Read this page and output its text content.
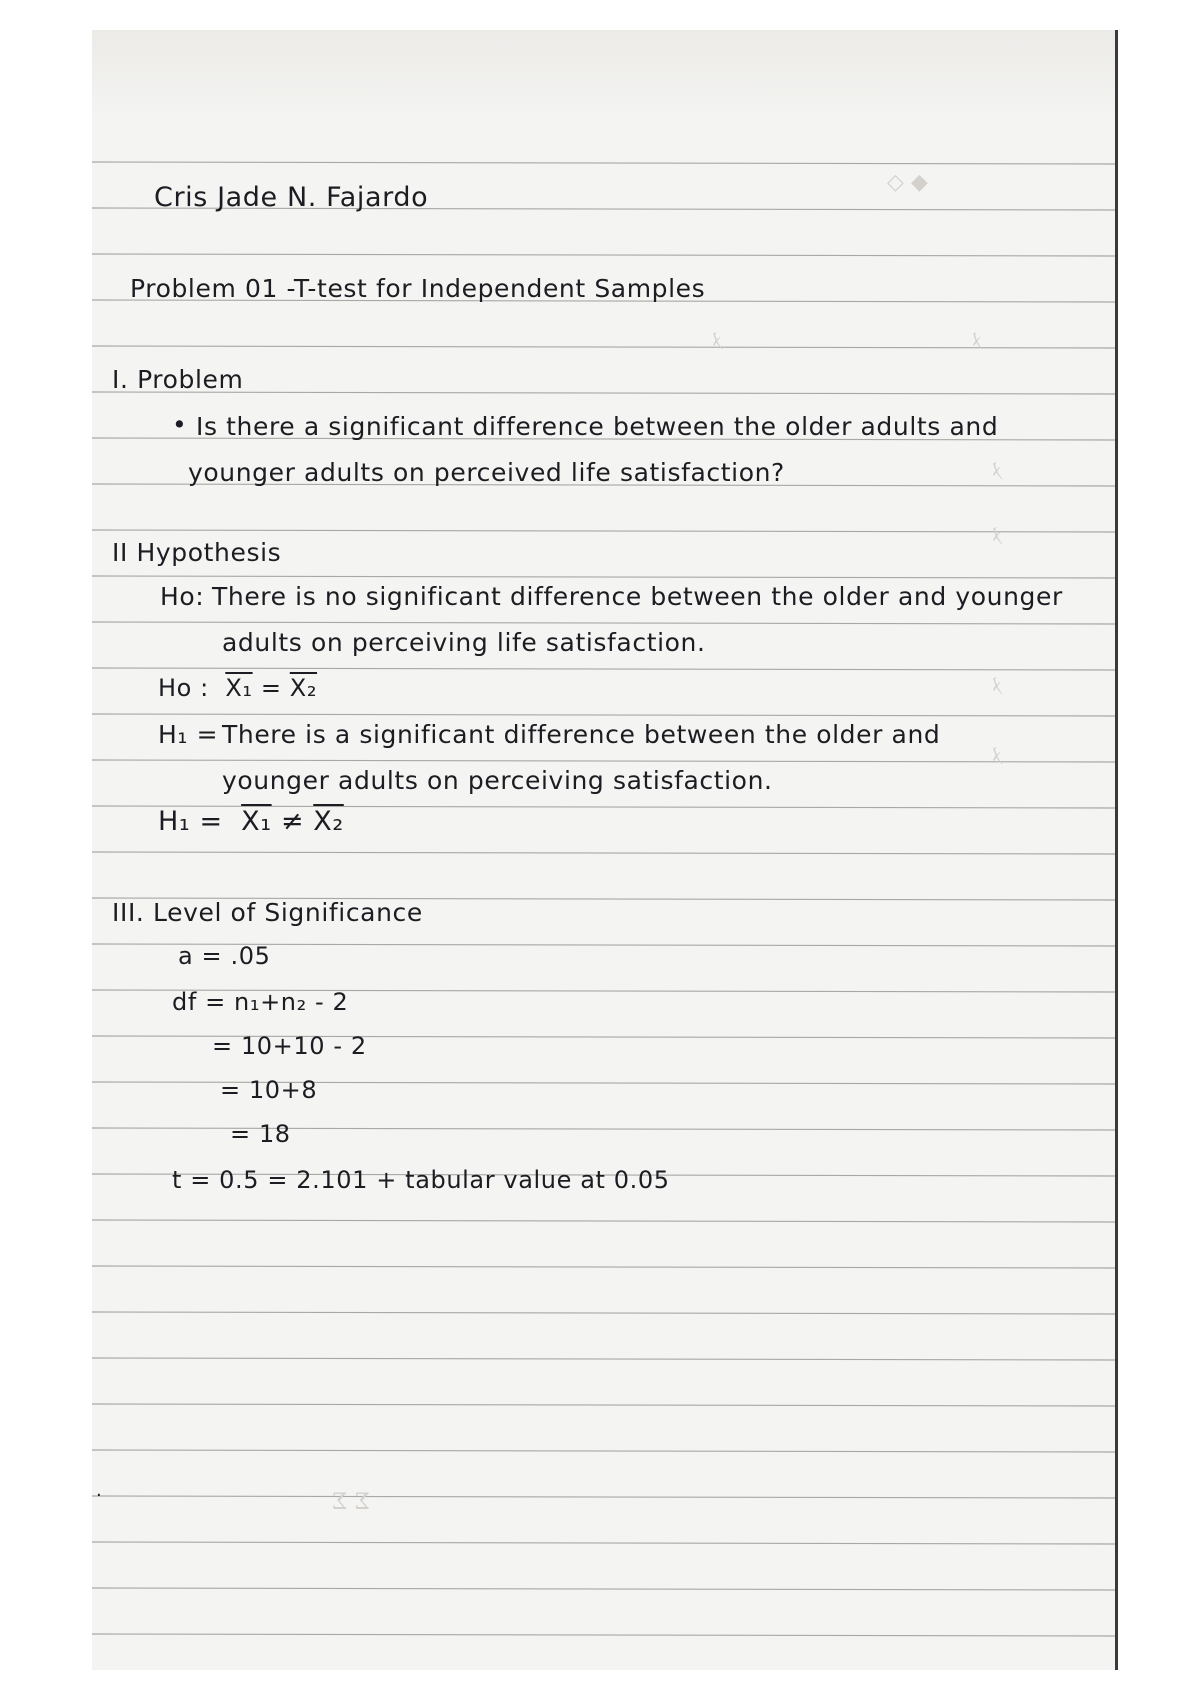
◆ ◇
ﾒ	ﾒ
ﾒ
ﾒ
ﾒ
ﾒ
Σ Σ
Cris Jade N. Fajardo
Problem 01 -T-test for Independent Samples
I. Problem
• Is there a significant difference between the older adults and
younger adults on perceived life satisfaction?
II Hypothesis
Ho: There is no significant difference between the older and younger
adults on perceiving life satisfaction.
Ho : X₁ = X₂
H₁ = There is a significant difference between the older and
younger adults on perceiving satisfaction.
H₁ = X₁ ≠ X₂
III. Level of Significance
a = .05
df = n₁+n₂ - 2
= 10+10 - 2
= 10+8
= 18
t = 0.5 = 2.101 + tabular value at 0.05
·
